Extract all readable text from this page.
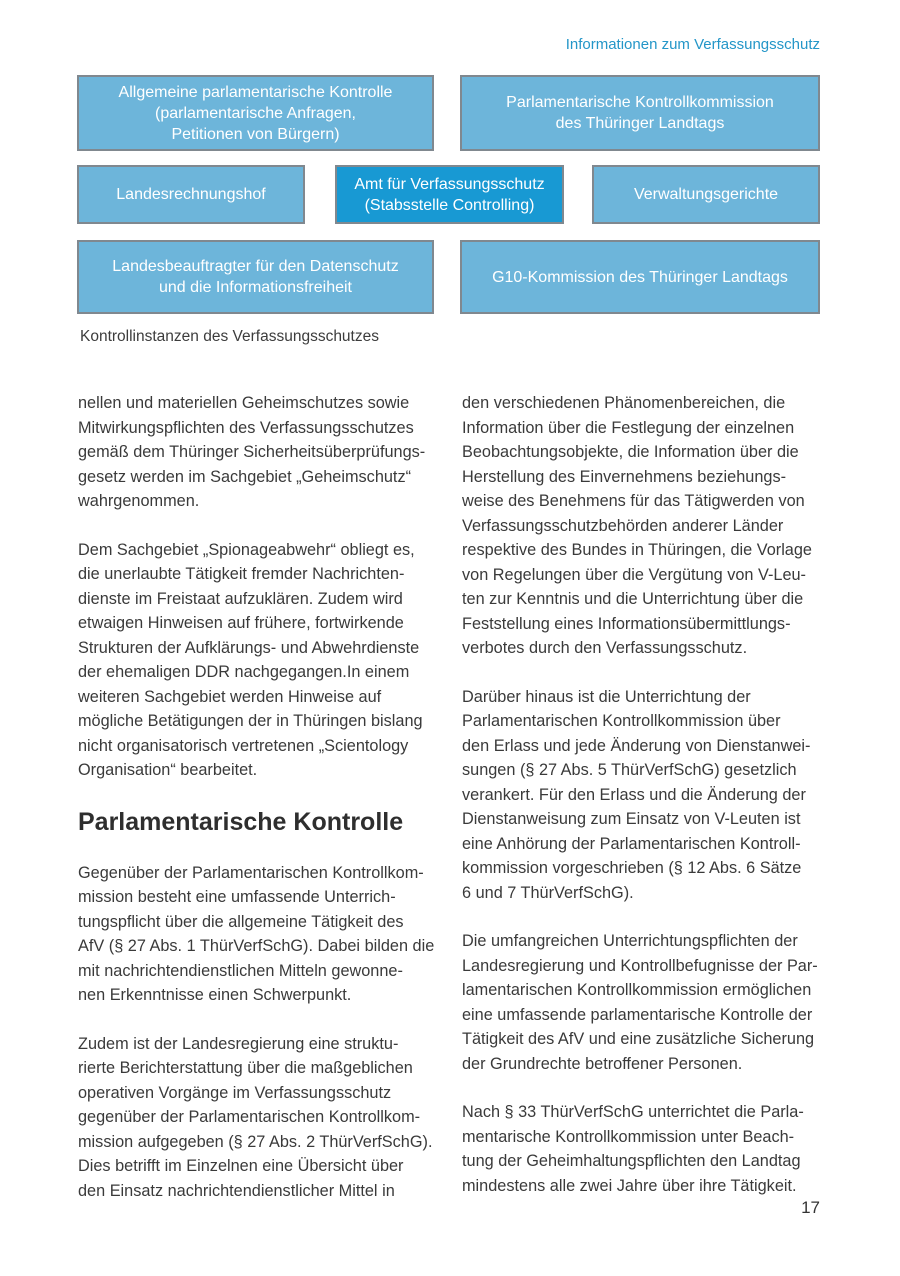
Informationen zum Verfassungsschutz
Allgemeine parlamentarische Kontrolle
(parlamentarische Anfragen,
Petitionen von Bürgern)
Parlamentarische Kontrollkommission
des Thüringer Landtags
Landesrechnungshof
Amt für Verfassungsschutz
(Stabsstelle Controlling)
Verwaltungsgerichte
Landesbeauftragter für den Datenschutz
und die Informationsfreiheit
G10-Kommission des Thüringer Landtags
Kontrollinstanzen des Verfassungsschutzes

nellen und materiellen Geheimschutzes sowie
Mitwirkungspflichten des Verfassungsschutzes
gemäß dem Thüringer Sicherheitsüberprüfungs-
gesetz werden im Sachgebiet „Geheimschutz“
wahrgenommen.

Dem Sachgebiet „Spionageabwehr“ obliegt es,
die unerlaubte Tätigkeit fremder Nachrichten-
dienste im Freistaat aufzuklären. Zudem wird
etwaigen Hinweisen auf frühere, fortwirkende
Strukturen der Aufklärungs- und Abwehrdienste
der ehemaligen DDR nachgegangen.In einem
weiteren Sachgebiet werden Hinweise auf
mögliche Betätigungen der in Thüringen bislang
nicht organisatorisch vertretenen „Scientology
Organisation“ bearbeitet.

Parlamentarische Kontrolle

Gegenüber der Parlamentarischen Kontrollkom-
mission besteht eine umfassende Unterrich-
tungspflicht über die allgemeine Tätigkeit des
AfV (§ 27 Abs. 1 ThürVerfSchG). Dabei bilden die
mit nachrichtendienstlichen Mitteln gewonne-
nen Erkenntnisse einen Schwerpunkt.

Zudem ist der Landesregierung eine struktu-
rierte Berichterstattung über die maßgeblichen
operativen Vorgänge im Verfassungsschutz
gegenüber der Parlamentarischen Kontrollkom-
mission aufgegeben (§ 27 Abs. 2 ThürVerfSchG).
Dies betrifft im Einzelnen eine Übersicht über
den Einsatz nachrichtendienstlicher Mittel in

den verschiedenen Phänomenbereichen, die
Information über die Festlegung der einzelnen
Beobachtungsobjekte, die Information über die
Herstellung des Einvernehmens beziehungs-
weise des Benehmens für das Tätigwerden von
Verfassungsschutzbehörden anderer Länder
respektive des Bundes in Thüringen, die Vorlage
von Regelungen über die Vergütung von V-Leu-
ten zur Kenntnis und die Unterrichtung über die
Feststellung eines Informationsübermittlungs-
verbotes durch den Verfassungsschutz.

Darüber hinaus ist die Unterrichtung der
Parlamentarischen Kontrollkommission über
den Erlass und jede Änderung von Dienstanwei-
sungen (§ 27 Abs. 5 ThürVerfSchG) gesetzlich
verankert. Für den Erlass und die Änderung der
Dienstanweisung zum Einsatz von V-Leuten ist
eine Anhörung der Parlamentarischen Kontroll-
kommission vorgeschrieben (§ 12 Abs. 6 Sätze
6 und 7 ThürVerfSchG).

Die umfangreichen Unterrichtungspflichten der
Landesregierung und Kontrollbefugnisse der Par-
lamentarischen Kontrollkommission ermöglichen
eine umfassende parlamentarische Kontrolle der
Tätigkeit des AfV und eine zusätzliche Sicherung
der Grundrechte betroffener Personen.

Nach § 33 ThürVerfSchG unterrichtet die Parla-
mentarische Kontrollkommission unter Beach-
tung der Geheimhaltungspflichten den Landtag
mindestens alle zwei Jahre über ihre Tätigkeit.

17
